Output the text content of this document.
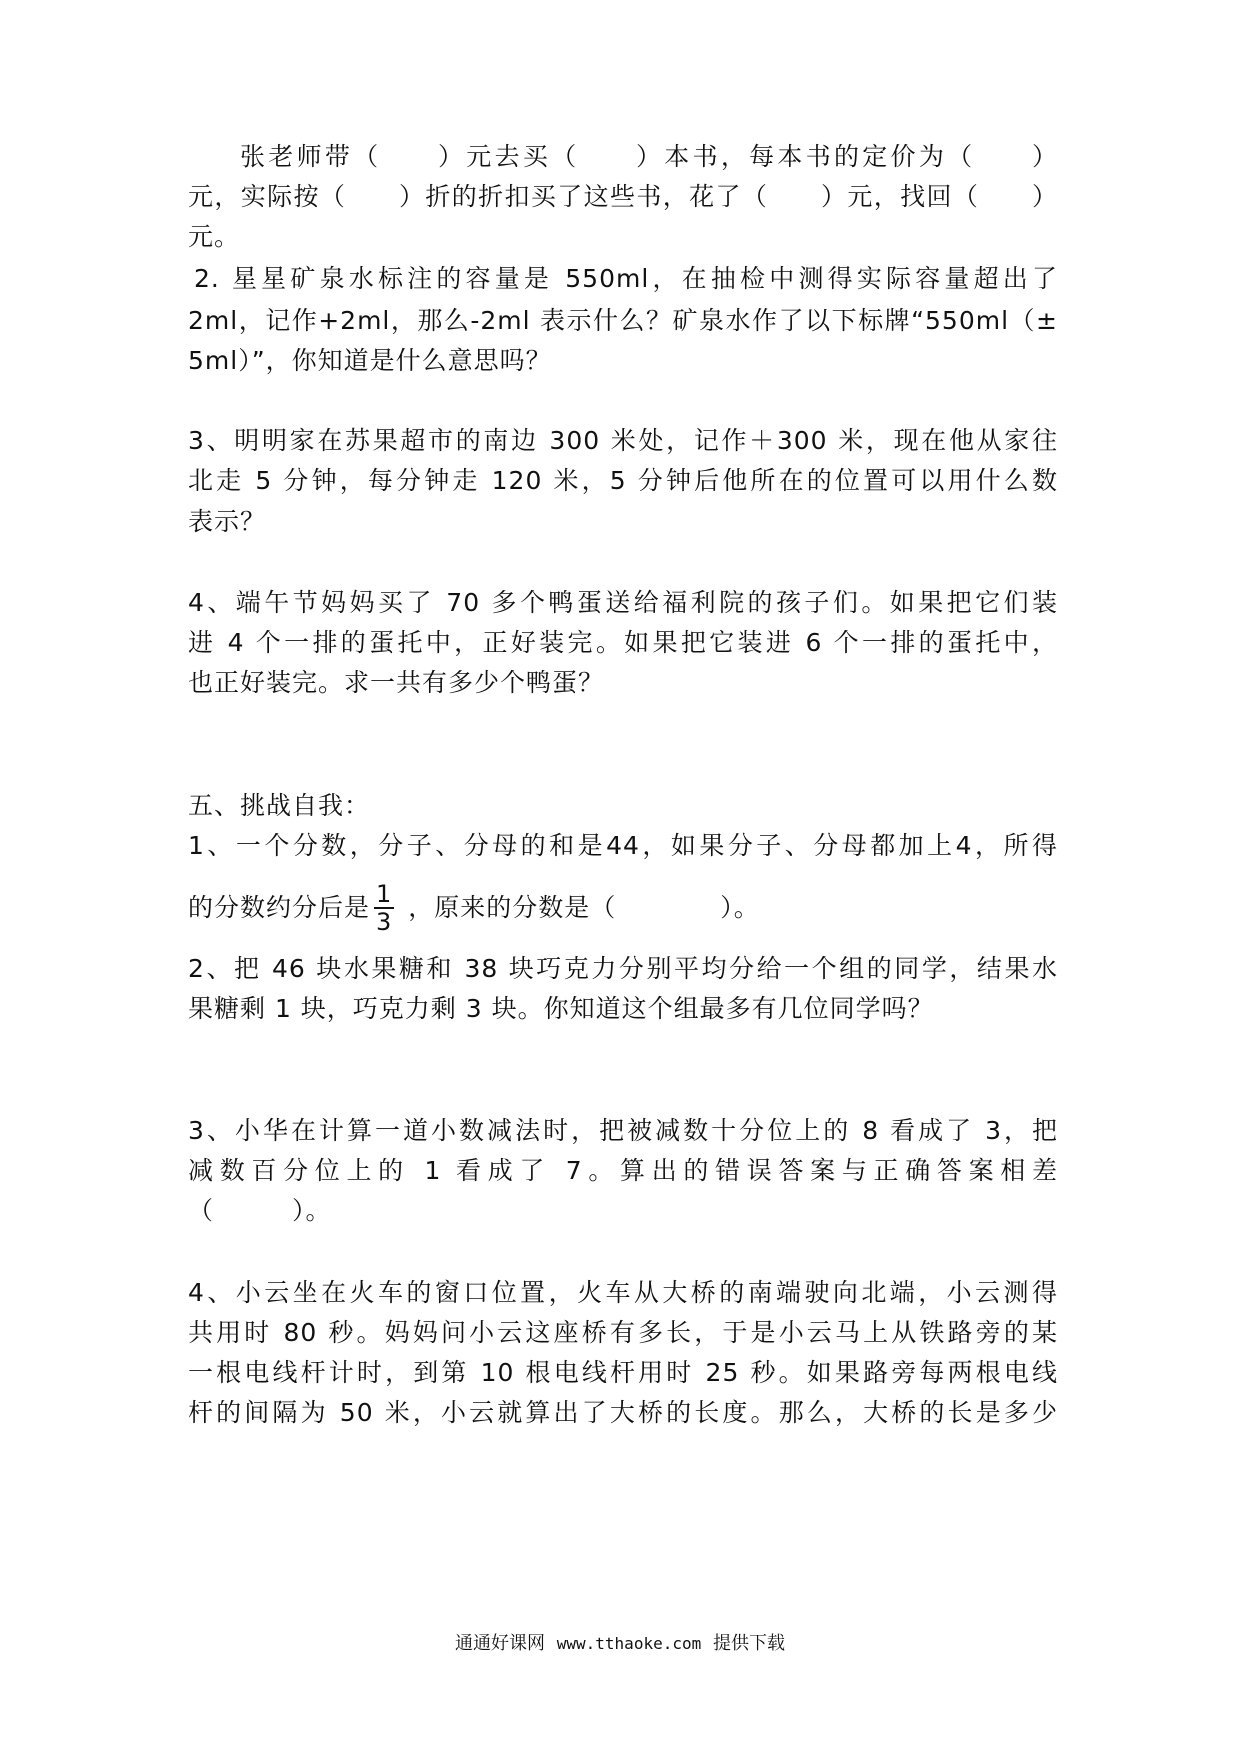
张老师带（　　）元去买（　　）本书，每本书的定价为（　　）
元，实际按（　　）折的折扣买了这些书，花了（　　）元，找回（　　）
元。
2. 星星矿泉水标注的容量是 550ml，在抽检中测得实际容量超出了
2ml，记作+2ml，那么-2ml 表示什么？矿泉水作了以下标牌“550ml（±
5ml）”，你知道是什么意思吗？
3、明明家在苏果超市的南边 300 米处，记作＋300 米，现在他从家往
北走 5 分钟，每分钟走 120 米，5 分钟后他所在的位置可以用什么数
表示？
4、端午节妈妈买了 70 多个鸭蛋送给福利院的孩子们。如果把它们装
进 4 个一排的蛋托中，正好装完。如果把它装进 6 个一排的蛋托中，
也正好装完。求一共有多少个鸭蛋？
五、挑战自我：
1、一个分数，分子、分母的和是44，如果分子、分母都加上4，所得
的分数约分后是 $\frac{1}{3}$ ，原来的分数是（　　　　）。
2、把 46 块水果糖和 38 块巧克力分别平均分给一个组的同学，结果水
果糖剩 1 块，巧克力剩 3 块。你知道这个组最多有几位同学吗？
3、小华在计算一道小数减法时，把被减数十分位上的 8 看成了 3，把
减数百分位上的 1 看成了 7。算出的错误答案与正确答案相差
（　　　）。
4、小云坐在火车的窗口位置，火车从大桥的南端驶向北端，小云测得
共用时 80 秒。妈妈问小云这座桥有多长，于是小云马上从铁路旁的某
一根电线杆计时，到第 10 根电线杆用时 25 秒。如果路旁每两根电线
杆的间隔为 50 米，小云就算出了大桥的长度。那么，大桥的长是多少
通通好课网 www.tthaoke.com 提供下载
